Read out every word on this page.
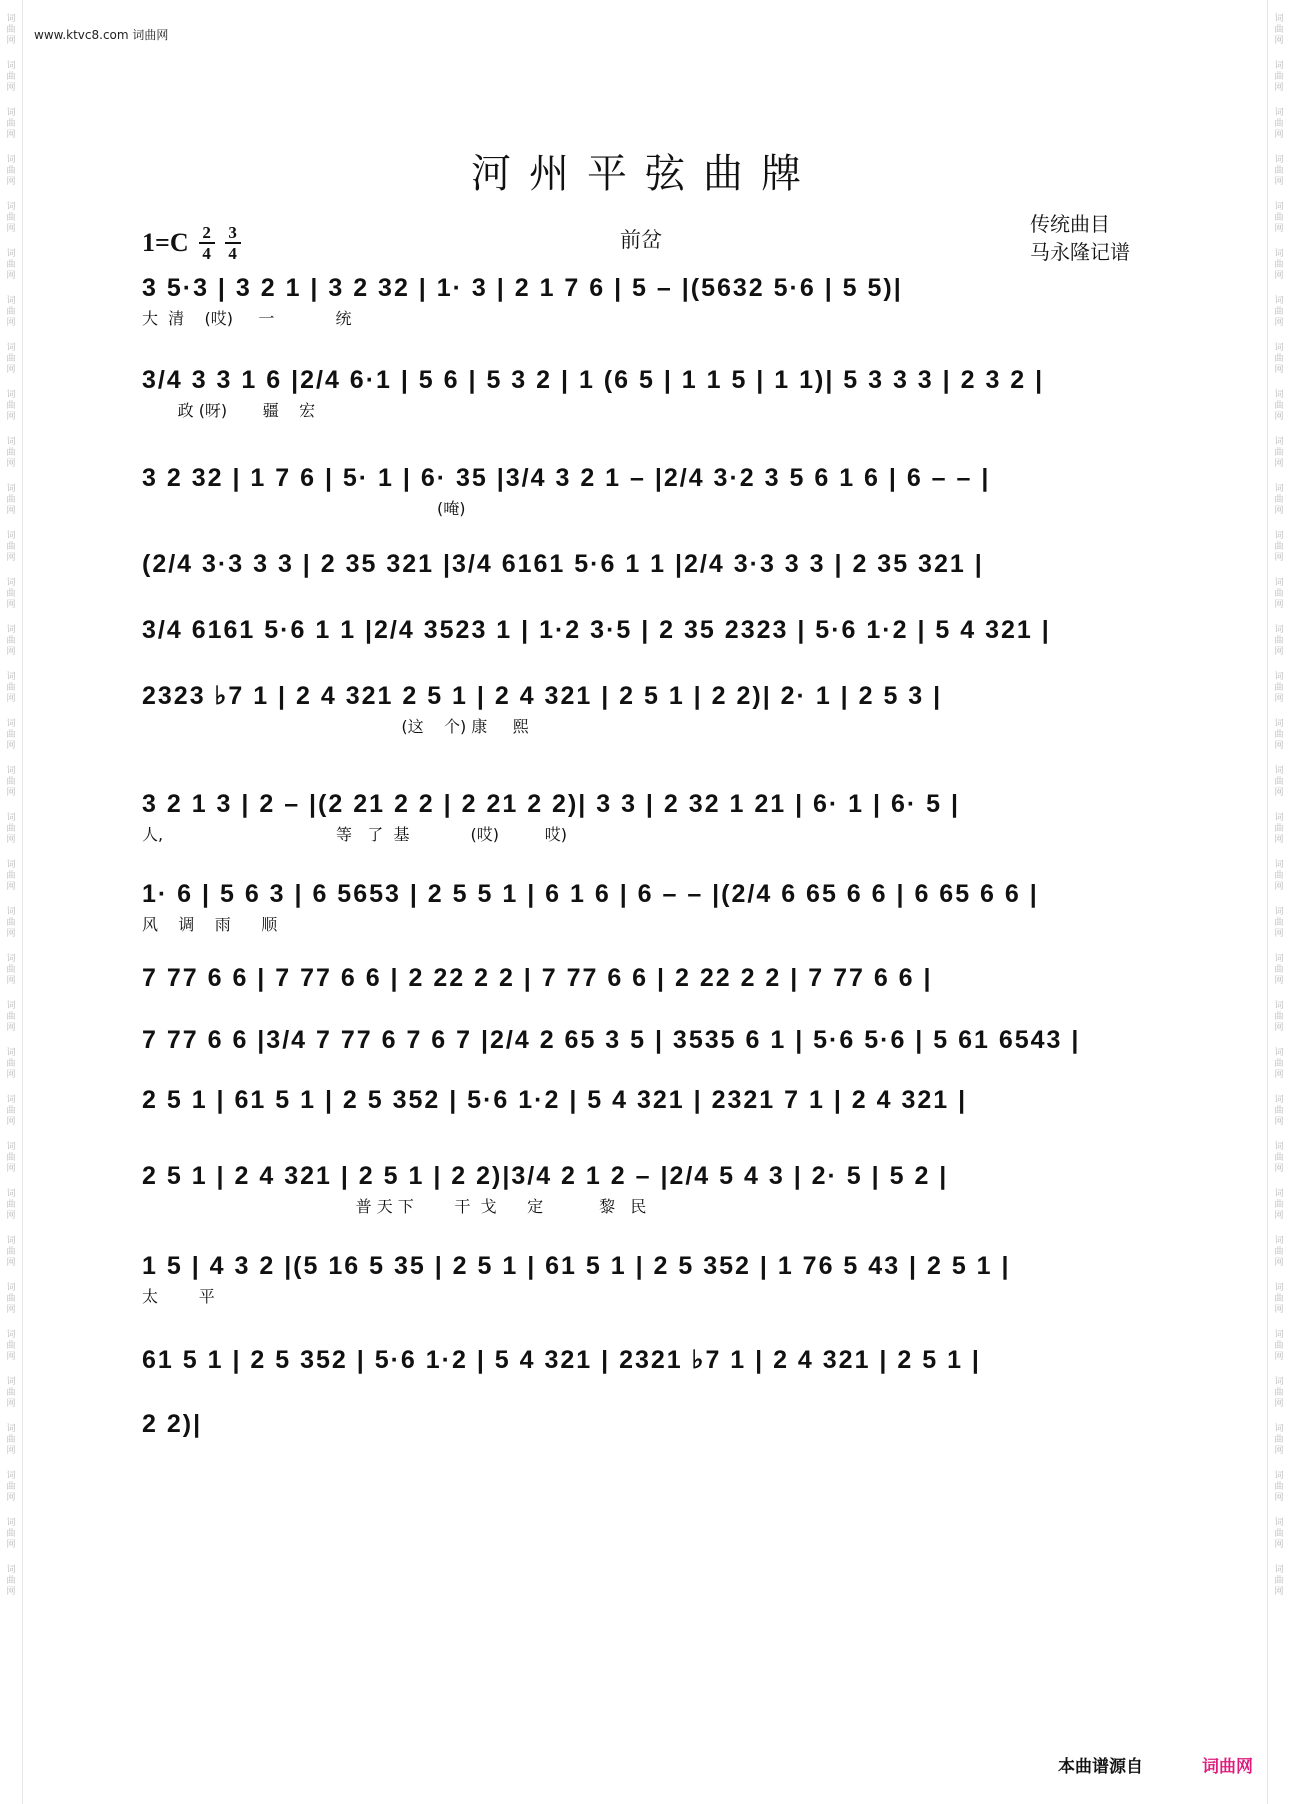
词曲网
词曲网
词曲网
词曲网
词曲网
词曲网
词曲网
词曲网
词曲网
词曲网
词曲网
词曲网
词曲网
词曲网
词曲网
词曲网
词曲网
词曲网
词曲网
词曲网
词曲网
词曲网
词曲网
词曲网
词曲网
词曲网
词曲网
词曲网
词曲网
词曲网
词曲网
词曲网
词曲网
词曲网
词曲网
词曲网
词曲网
词曲网
词曲网
词曲网
词曲网
词曲网
词曲网
词曲网
词曲网
词曲网
词曲网
词曲网
词曲网
词曲网
词曲网
词曲网
词曲网
词曲网
词曲网
词曲网
词曲网
词曲网
词曲网
词曲网
词曲网
词曲网
词曲网
词曲网
词曲网
词曲网
词曲网
词曲网
www.ktvc8.com 词曲网
河州平弦曲牌
$1=C \frac{2}{4} \frac{3}{4}$	前岔
传统曲目
马永隆记谱
3 5·3 | 3 2 1 | 3 2 32 | 1· 3 | 2 1 7 6 | 5 – |(5632 5·6 | 5 5)|
大  清    (哎)     一            统
3/4 3 3 1 6 |2/4 6·1 | 5 6 | 5 3 2 | 1 (6 5 | 1 1 5 | 1 1)| 5 3 3 3 | 2 3 2 |
政 (呀)       疆    宏
3 2 32 | 1 7 6 | 5· 1 | 6· 35 |3/4 3 2 1 – |2/4 3·2 3 5 6 1 6 | 6 – – |
(唵)
(2/4 3·3 3 3 | 2 35 321 |3/4 6161 5·6 1 1 |2/4 3·3 3 3 | 2 35 321 |
3/4 6161 5·6 1 1 |2/4 3523 1 | 1·2 3·5 | 2 35 2323 | 5·6 1·2 | 5 4 321 |
2323 ♭7 1 | 2 4 321 2 5 1 | 2 4 321 | 2 5 1 | 2 2)| 2· 1 | 2 5 3 |
(这    个) 康     熙
3 2 1 3 | 2 – |(2 21 2 2 | 2 21 2 2)| 3 3 | 2 32 1 21 | 6· 1 | 6· 5 |
人,                                  等   了  基            (哎)         哎)
1· 6 | 5 6 3 | 6 5653 | 2 5 5 1 | 6 1 6 | 6 – – |(2/4 6 65 6 6 | 6 65 6 6 |
风    调    雨      顺
7 77 6 6 | 7 77 6 6 | 2 22 2 2 | 7 77 6 6 | 2 22 2 2 | 7 77 6 6 |
7 77 6 6 |3/4 7 77 6 7 6 7 |2/4 2 65 3 5 | 3535 6 1 | 5·6 5·6 | 5 61 6543 |
2 5 1 | 61 5 1 | 2 5 352 | 5·6 1·2 | 5 4 321 | 2321 7 1 | 2 4 321 |
2 5 1 | 2 4 321 | 2 5 1 | 2 2)|3/4 2 1 2 – |2/4 5 4 3 | 2· 5 | 5 2 |
普 天 下        干  戈      定           黎   民
1 5 | 4 3 2 |(5 16 5 35 | 2 5 1 | 61 5 1 | 2 5 352 | 1 76 5 43 | 2 5 1 |
太        平
61 5 1 | 2 5 352 | 5·6 1·2 | 5 4 321 | 2321 ♭7 1 | 2 4 321 | 2 5 1 |
2 2)|
本曲谱源自	词曲网
